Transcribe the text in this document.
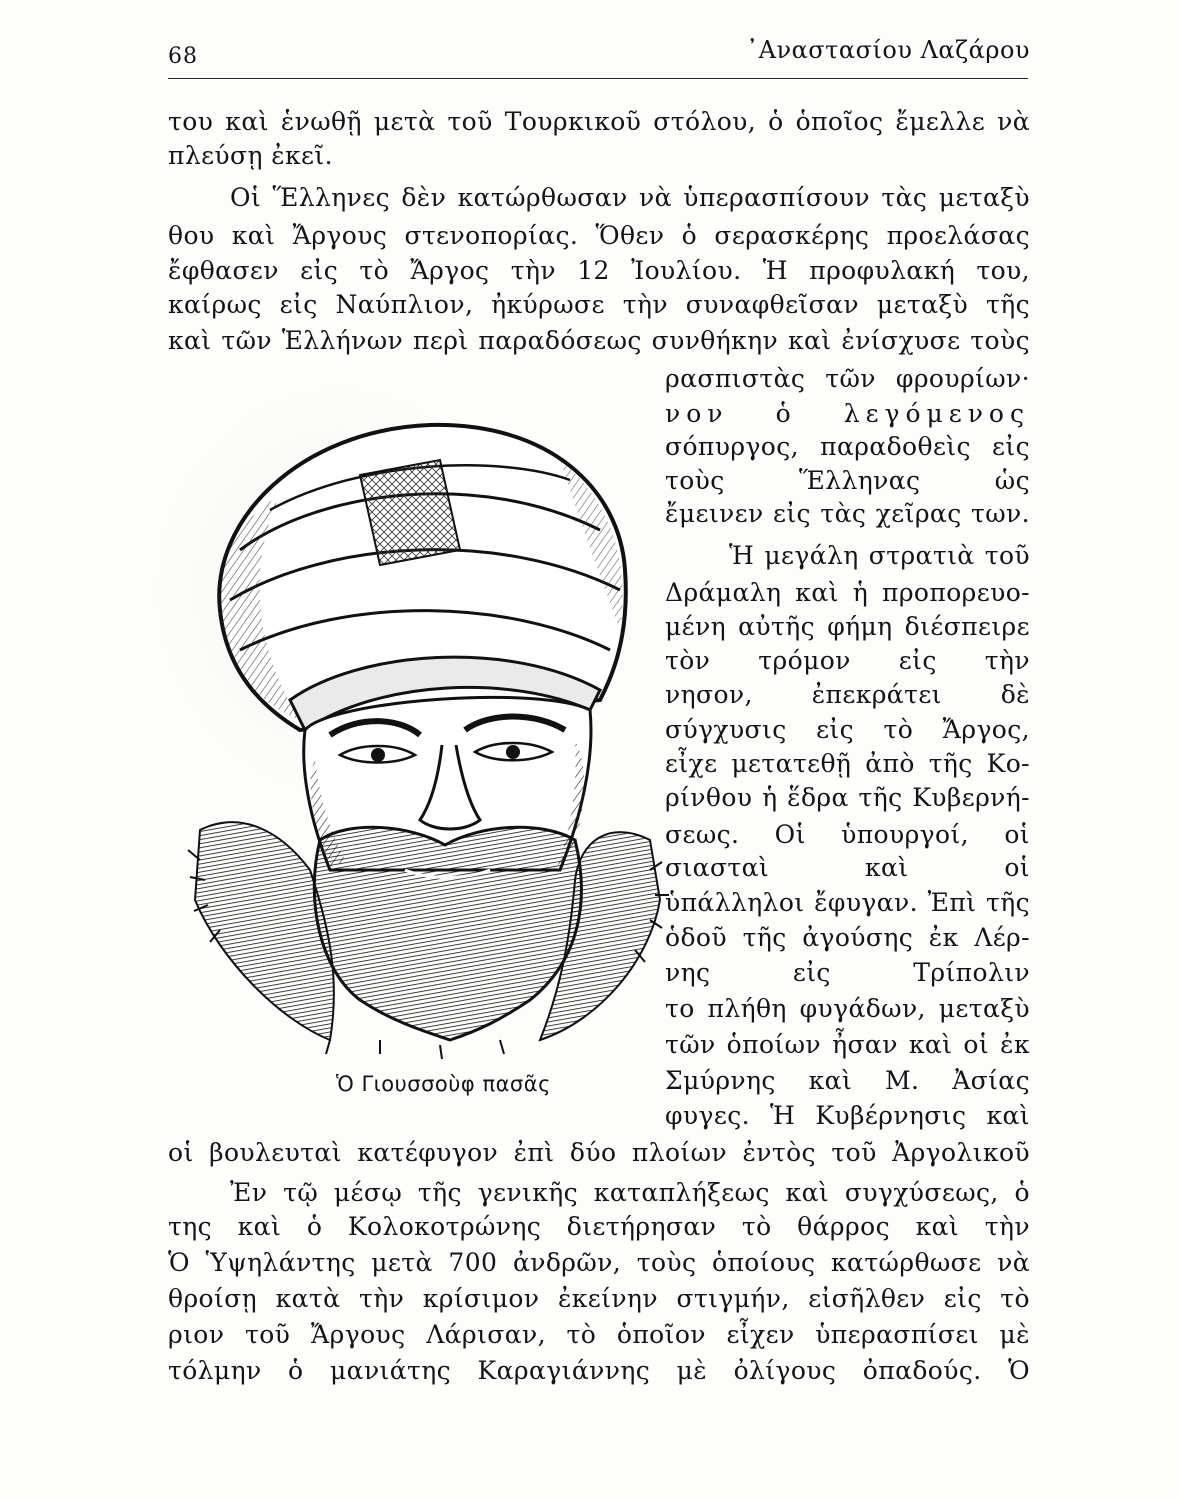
68	᾿Αναστασίου Λαζάρου
του καὶ ἑνωθῇ μετὰ τοῦ Τουρκικοῦ στόλου, ὁ ὁποῖος ἔμελλε νὰ
πλεύσῃ ἐκεῖ.
Οἱ Ἕλληνες δὲν κατώρθωσαν νὰ ὑπερασπίσουν τὰς μεταξὺ
θου καὶ Ἄργους στενοπορίας. Ὅθεν ὁ σερασκέρης προελάσας
ἔφθασεν εἰς τὸ Ἄργος τὴν 12 Ἰουλίου. Ἡ προφυλακή του,
καίρως εἰς Ναύπλιον, ἠκύρωσε τὴν συναφθεῖσαν μεταξὺ τῆς
καὶ τῶν Ἑλλήνων περὶ παραδόσεως συνθήκην καὶ ἐνίσχυσε τοὺς
ρασπιστὰς τῶν φρουρίων·
νον ὁ λεγόμενος
σόπυργος, παραδοθεὶς εἰς
τοὺς Ἕλληνας ὡς
ἔμεινεν εἰς τὰς χεῖρας των.
Ἡ μεγάλη στρατιὰ τοῦ
Δράμαλη καὶ ἡ προπορευο-
μένη αὐτῆς φήμη διέσπειρε
τὸν τρόμον εἰς τὴν
νησον, ἐπεκράτει δὲ
σύγχυσις εἰς τὸ Ἄργος,
εἶχε μετατεθῇ ἀπὸ τῆς Κο-
ρίνθου ἡ ἕδρα τῆς Κυβερνή-
σεως. Οἱ ὑπουργοί, οἱ
σιασταὶ καὶ οἱ
ὑπάλληλοι ἔφυγαν. Ἐπὶ τῆς
ὁδοῦ τῆς ἀγούσης ἐκ Λέρ-
νης εἰς Τρίπολιν
το πλήθη φυγάδων, μεταξὺ
τῶν ὁποίων ἦσαν καὶ οἱ ἐκ
Σμύρνης καὶ Μ. Ἀσίας
φυγες. Ἡ Κυβέρνησις καὶ
Ὁ Γιουσσοὺφ πασᾶς
οἱ βουλευταὶ κατέφυγον ἐπὶ δύο πλοίων ἐντὸς τοῦ Ἀργολικοῦ
Ἐν τῷ μέσῳ τῆς γενικῆς καταπλήξεως καὶ συγχύσεως, ὁ
της καὶ ὁ Κολοκοτρώνης διετήρησαν τὸ θάρρος καὶ τὴν
Ὁ Ὑψηλάντης μετὰ 700 ἀνδρῶν, τοὺς ὁποίους κατώρθωσε νὰ
θροίσῃ κατὰ τὴν κρίσιμον ἐκείνην στιγμήν, εἰσῆλθεν εἰς τὸ
ριον τοῦ Ἄργους Λάρισαν, τὸ ὁποῖον εἶχεν ὑπερασπίσει μὲ
τόλμην ὁ μανιάτης Καραγιάννης μὲ ὀλίγους ὀπαδούς. Ὁ
